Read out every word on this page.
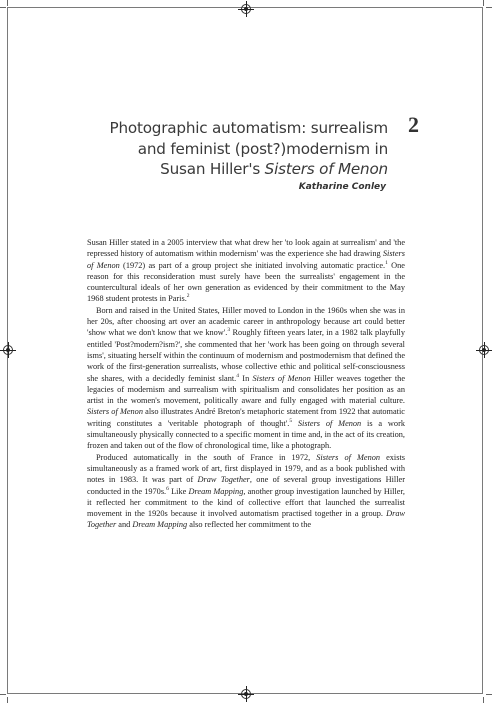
2
Photographic automatism: surrealism
and feminist (post?)modernism in
Susan Hiller's Sisters of Menon
Katharine Conley

Susan Hiller stated in a 2005 interview that what drew her 'to look again at surrealism' and 'the repressed history of automatism within modernism' was the experience she had drawing Sisters of Menon (1972) as part of a group project she initiated involving automatic practice.$^1$ One reason for this reconsideration must surely have been the surrealists' engagement in the countercultural ideals of her own generation as evidenced by their commitment to the May 1968 student protests in Paris.$^2$

Born and raised in the United States, Hiller moved to London in the 1960s when she was in her 20s, after choosing art over an academic career in anthropology because art could better 'show what we don't know that we know'.$^3$ Roughly fifteen years later, in a 1982 talk playfully entitled 'Post?modern?ism?', she commented that her 'work has been going on through several isms', situating herself within the continuum of modernism and postmodernism that defined the work of the first-generation surrealists, whose collective ethic and political self-consciousness she shares, with a decidedly feminist slant.$^4$ In Sisters of Menon Hiller weaves together the legacies of modernism and surrealism with spiritualism and consolidates her position as an artist in the women's movement, politically aware and fully engaged with material culture. Sisters of Menon also illustrates André Breton's metaphoric statement from 1922 that automatic writing constitutes a 'veritable photograph of thought'.$^5$ Sisters of Menon is a work simultaneously physically connected to a specific moment in time and, in the act of its creation, frozen and taken out of the flow of chronological time, like a photograph.

Produced automatically in the south of France in 1972, Sisters of Menon exists simultaneously as a framed work of art, first displayed in 1979, and as a book published with notes in 1983. It was part of Draw Together, one of several group investigations Hiller conducted in the 1970s.$^6$ Like Dream Mapping, another group investigation launched by Hiller, it reflected her commitment to the kind of collective effort that launched the surrealist movement in the 1920s because it involved automatism practised together in a group. Draw Together and Dream Mapping also reflected her commitment to the
